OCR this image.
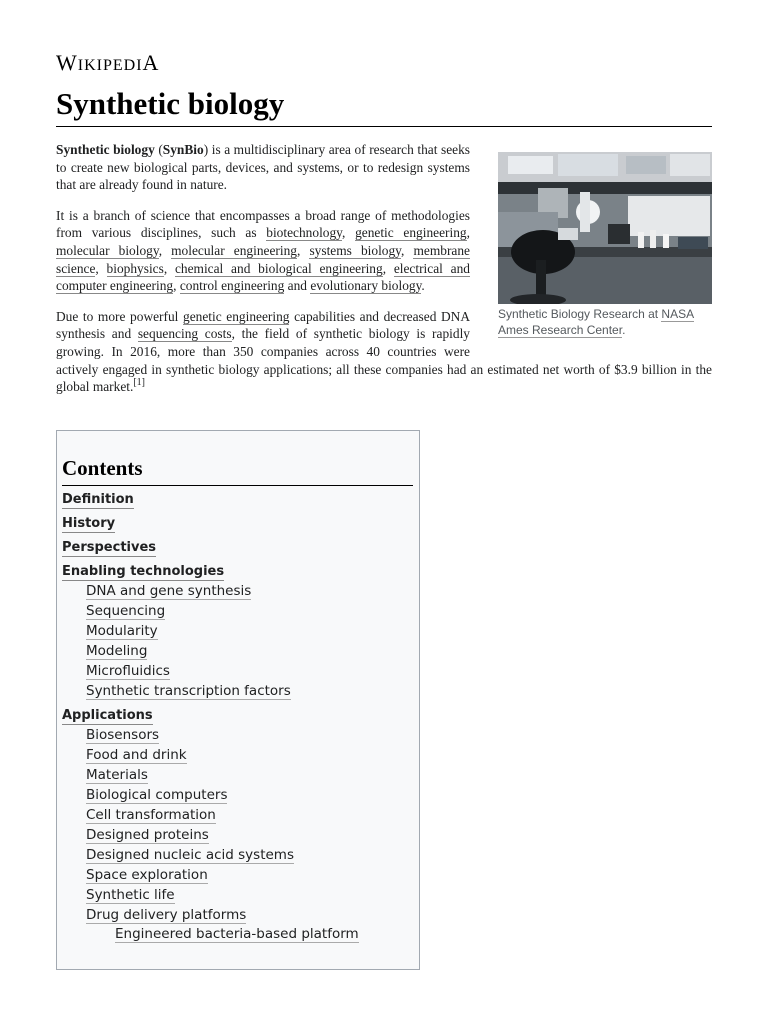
WIKIPEDIA
Synthetic biology
Synthetic Biology Research at NASA Ames Research Center.

Synthetic biology (SynBio) is a multidisciplinary area of research that seeks to create new biological parts, devices, and systems, or to redesign systems that are already found in nature.

It is a branch of science that encompasses a broad range of methodologies from various disciplines, such as biotechnology, genetic engineering, molecular biology, molecular engineering, systems biology, membrane science, biophysics, chemical and biological engineering, electrical and computer engineering, control engineering and evolutionary biology.

Due to more powerful genetic engineering capabilities and decreased DNA synthesis and sequencing costs, the field of synthetic biology is rapidly growing. In 2016, more than 350 companies across 40 countries were actively engaged in synthetic biology applications; all these companies had an estimated net worth of $3.9 billion in the global market.[1]

Contents
Definition
History
Perspectives
Enabling technologies
DNA and gene synthesis
Sequencing
Modularity
Modeling
Microfluidics
Synthetic transcription factors
Applications
Biosensors
Food and drink
Materials
Biological computers
Cell transformation
Designed proteins
Designed nucleic acid systems
Space exploration
Synthetic life
Drug delivery platforms
Engineered bacteria-based platform
